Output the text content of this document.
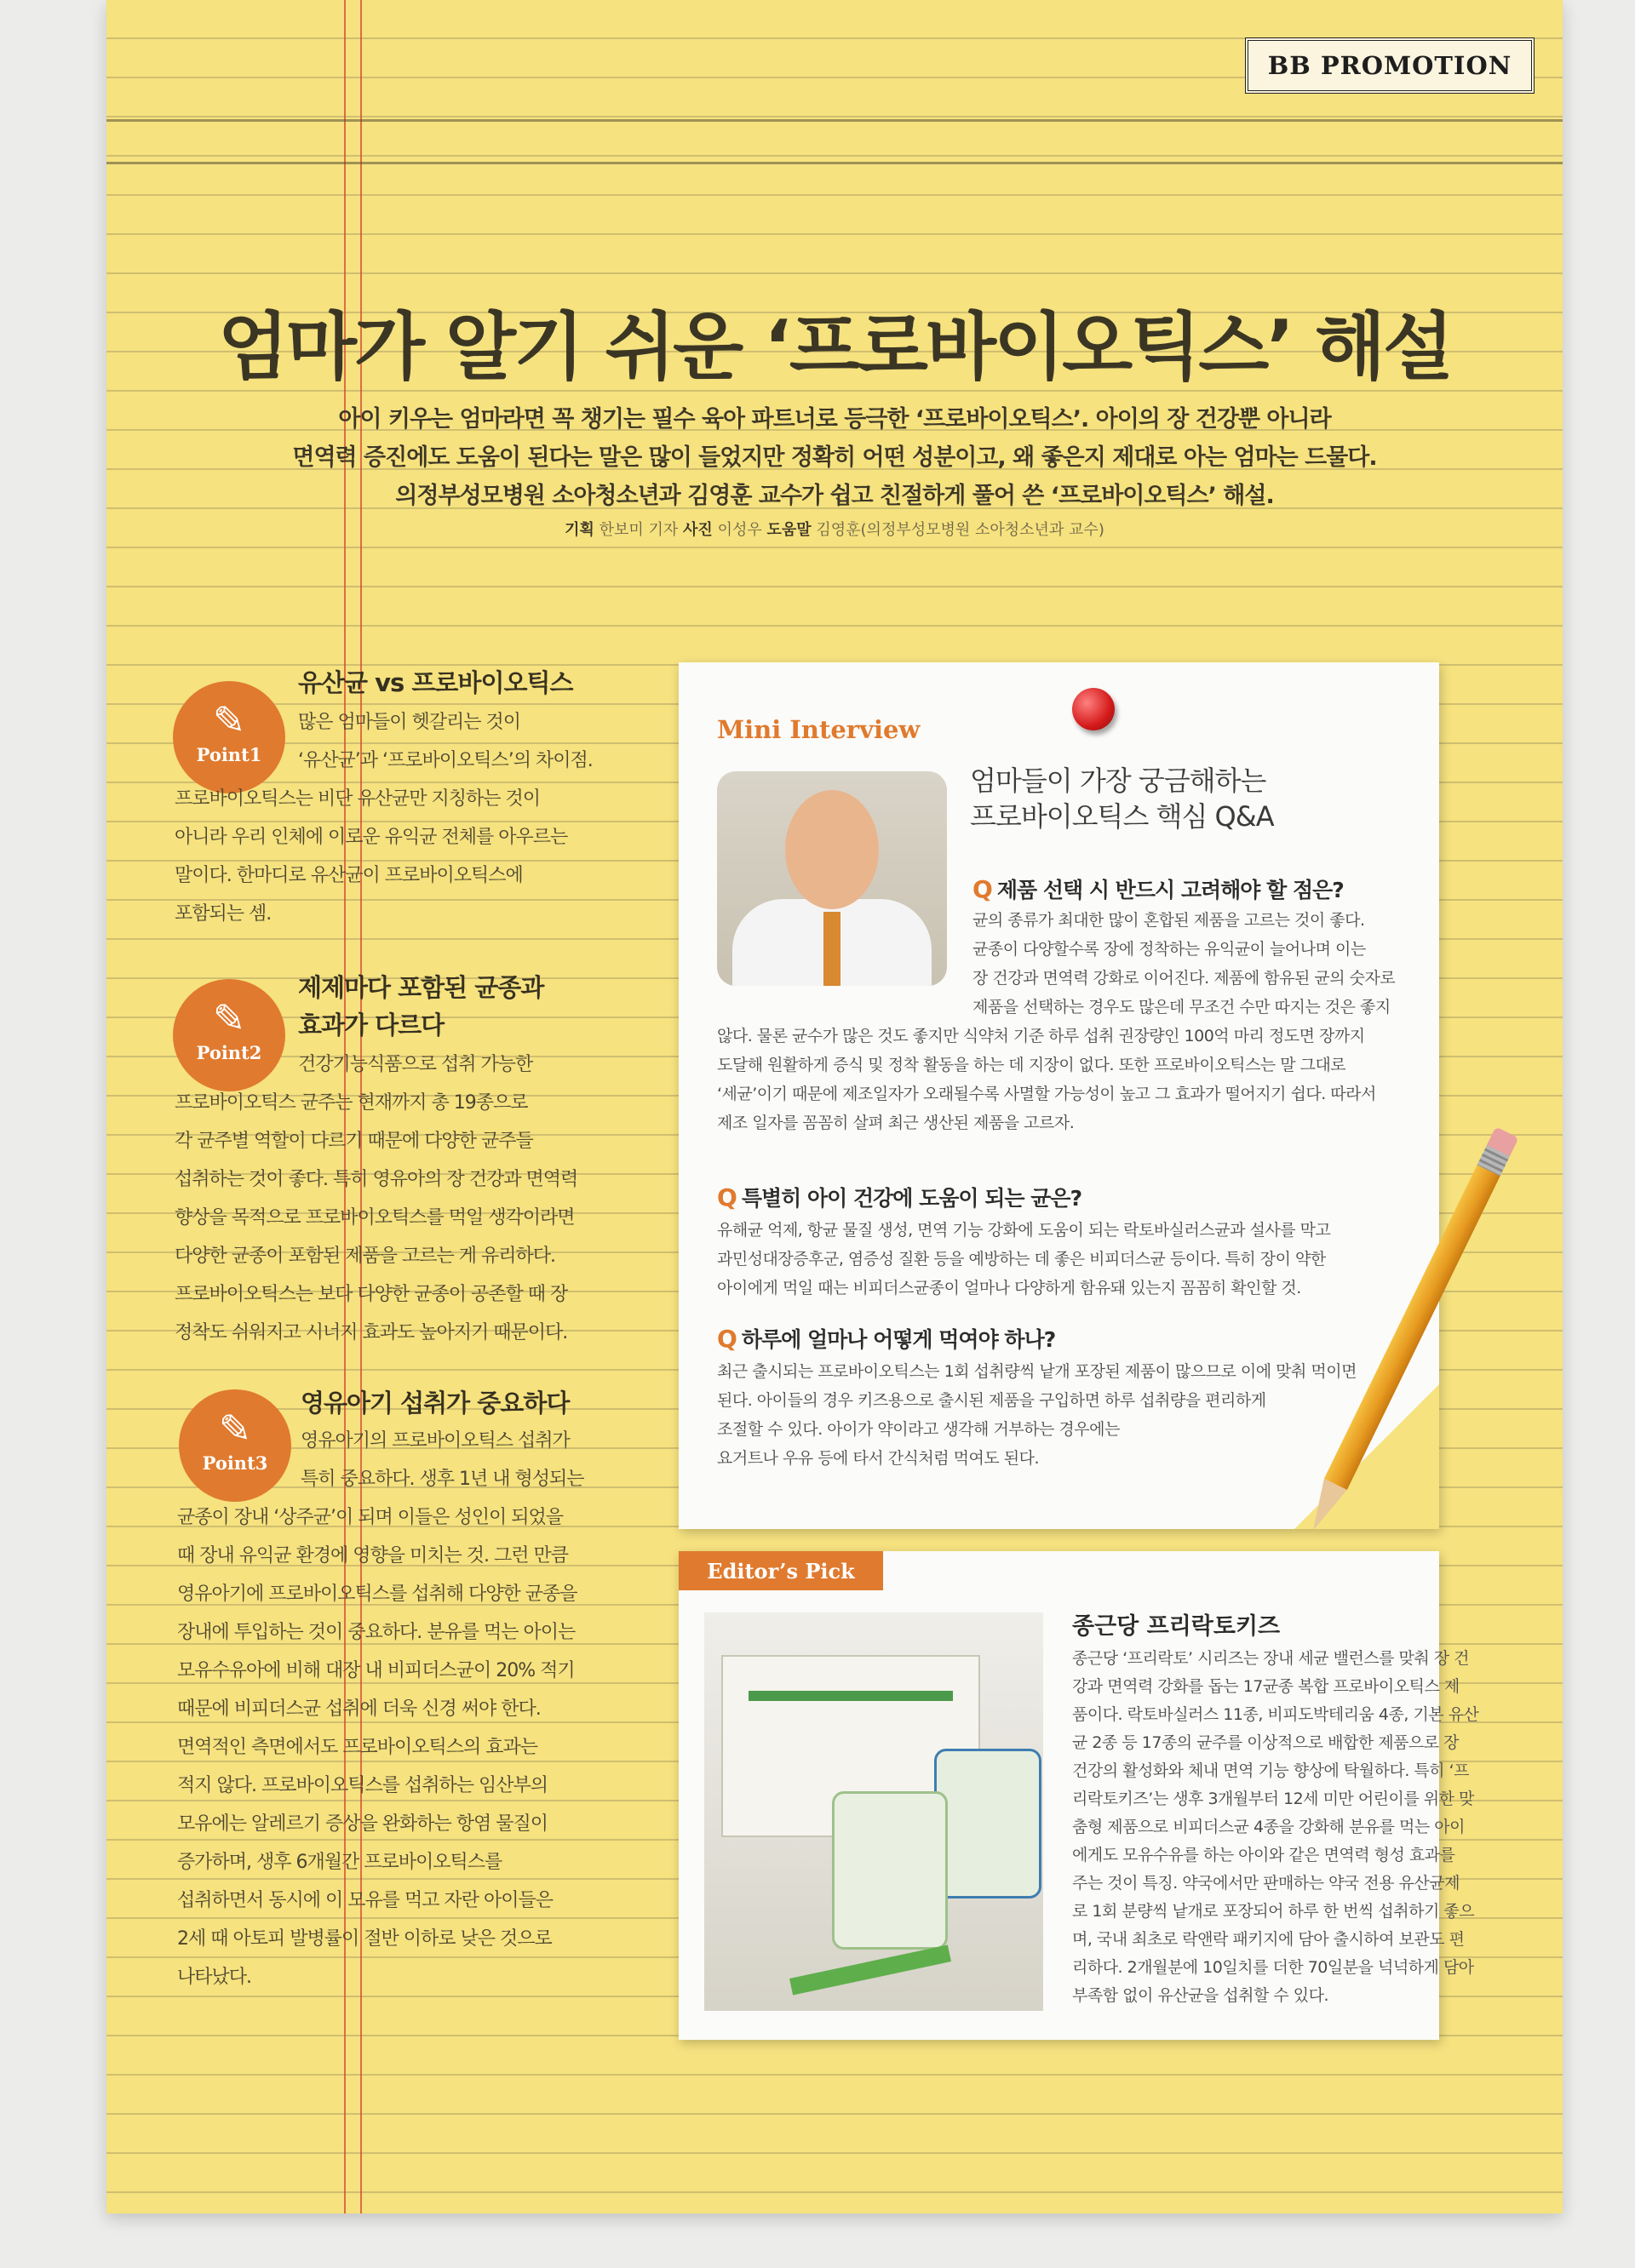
BB PROMOTION
엄마가 알기 쉬운 ‘프로바이오틱스’ 해설
아이 키우는 엄마라면 꼭 챙기는 필수 육아 파트너로 등극한 ‘프로바이오틱스’. 아이의 장 건강뿐 아니라
면역력 증진에도 도움이 된다는 말은 많이 들었지만 정확히 어떤 성분이고, 왜 좋은지 제대로 아는 엄마는 드물다.
의정부성모병원 소아청소년과 김영훈 교수가 쉽고 친절하게 풀어 쓴 ‘프로바이오틱스’ 해설.
기획 한보미 기자 사진 이성우 도움말 김영훈(의정부성모병원 소아청소년과 교수)
✎
Point1
유산균 vs 프로바이오틱스
많은 엄마들이 헷갈리는 것이
‘유산균’과 ‘프로바이오틱스’의 차이점.
프로바이오틱스는 비단 유산균만 지칭하는 것이
아니라 우리 인체에 이로운 유익균 전체를 아우르는
말이다. 한마디로 유산균이 프로바이오틱스에
포함되는 셈.
✎
Point2
제제마다 포함된 균종과
효과가 다르다
건강기능식품으로 섭취 가능한
프로바이오틱스 균주는 현재까지 총 19종으로
각 균주별 역할이 다르기 때문에 다양한 균주들
섭취하는 것이 좋다. 특히 영유아의 장 건강과 면역력
향상을 목적으로 프로바이오틱스를 먹일 생각이라면
다양한 균종이 포함된 제품을 고르는 게 유리하다.
프로바이오틱스는 보다 다양한 균종이 공존할 때 장
정착도 쉬워지고 시너지 효과도 높아지기 때문이다.
✎
Point3
영유아기 섭취가 중요하다
영유아기의 프로바이오틱스 섭취가
특히 중요하다. 생후 1년 내 형성되는
균종이 장내 ‘상주균’이 되며 이들은 성인이 되었을
때 장내 유익균 환경에 영향을 미치는 것. 그런 만큼
영유아기에 프로바이오틱스를 섭취해 다양한 균종을
장내에 투입하는 것이 중요하다. 분유를 먹는 아이는
모유수유아에 비해 대장 내 비피더스균이 20% 적기
때문에 비피더스균 섭취에 더욱 신경 써야 한다.
면역적인 측면에서도 프로바이오틱스의 효과는
적지 않다. 프로바이오틱스를 섭취하는 임산부의
모유에는 알레르기 증상을 완화하는 항염 물질이
증가하며, 생후 6개월간 프로바이오틱스를
섭취하면서 동시에 이 모유를 먹고 자란 아이들은
2세 때 아토피 발병률이 절반 이하로 낮은 것으로
나타났다.
Mini Interview
엄마들이 가장 궁금해하는
프로바이오틱스 핵심 Q&A
Q 제품 선택 시 반드시 고려해야 할 점은?
균의 종류가 최대한 많이 혼합된 제품을 고르는 것이 좋다.
균종이 다양할수록 장에 정착하는 유익균이 늘어나며 이는
장 건강과 면역력 강화로 이어진다. 제품에 함유된 균의 숫자로
제품을 선택하는 경우도 많은데 무조건 수만 따지는 것은 좋지
않다. 물론 균수가 많은 것도 좋지만 식약처 기준 하루 섭취 권장량인 100억 마리 정도면 장까지
도달해 원활하게 증식 및 정착 활동을 하는 데 지장이 없다. 또한 프로바이오틱스는 말 그대로
‘세균’이기 때문에 제조일자가 오래될수록 사멸할 가능성이 높고 그 효과가 떨어지기 쉽다. 따라서
제조 일자를 꼼꼼히 살펴 최근 생산된 제품을 고르자.
Q 특별히 아이 건강에 도움이 되는 균은?
유해균 억제, 항균 물질 생성, 면역 기능 강화에 도움이 되는 락토바실러스균과 설사를 막고
과민성대장증후군, 염증성 질환 등을 예방하는 데 좋은 비피더스균 등이다. 특히 장이 약한
아이에게 먹일 때는 비피더스균종이 얼마나 다양하게 함유돼 있는지 꼼꼼히 확인할 것.
Q 하루에 얼마나 어떻게 먹여야 하나?
최근 출시되는 프로바이오틱스는 1회 섭취량씩 낱개 포장된 제품이 많으므로 이에 맞춰 먹이면
된다. 아이들의 경우 키즈용으로 출시된 제품을 구입하면 하루 섭취량을 편리하게
조절할 수 있다. 아이가 약이라고 생각해 거부하는 경우에는
요거트나 우유 등에 타서 간식처럼 먹여도 된다.
Editor’s Pick
종근당 프리락토키즈
종근당 ‘프리락토’ 시리즈는 장내 세균 밸런스를 맞춰 장 건
강과 면역력 강화를 돕는 17균종 복합 프로바이오틱스 제
품이다. 락토바실러스 11종, 비피도박테리움 4종, 기본 유산
균 2종 등 17종의 균주를 이상적으로 배합한 제품으로 장
건강의 활성화와 체내 면역 기능 향상에 탁월하다. 특히 ‘프
리락토키즈’는 생후 3개월부터 12세 미만 어린이를 위한 맞
춤형 제품으로 비피더스균 4종을 강화해 분유를 먹는 아이
에게도 모유수유를 하는 아이와 같은 면역력 형성 효과를
주는 것이 특징. 약국에서만 판매하는 약국 전용 유산균제
로 1회 분량씩 낱개로 포장되어 하루 한 번씩 섭취하기 좋으
며, 국내 최초로 락앤락 패키지에 담아 출시하여 보관도 편
리하다. 2개월분에 10일치를 더한 70일분을 넉넉하게 담아
부족함 없이 유산균을 섭취할 수 있다.
